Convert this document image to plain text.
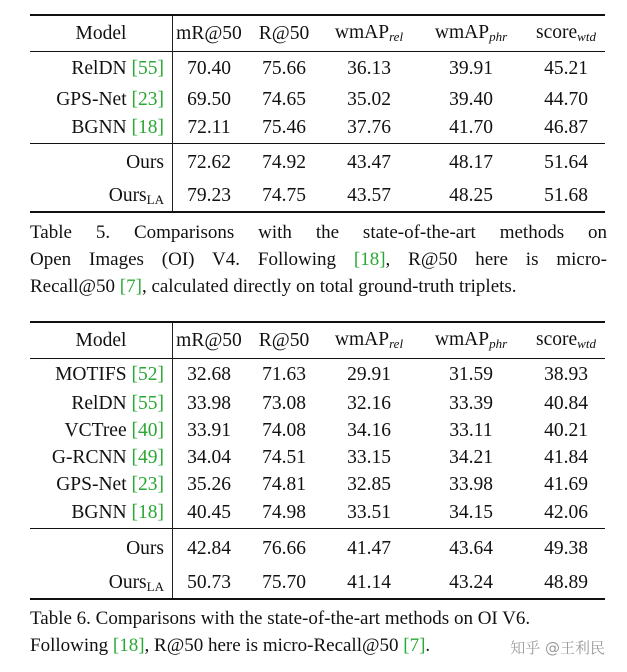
Model	mR@50	R@50	wmAP$_{rel}$	wmAP$_{phr}$	score$_{wtd}$
RelDN [55]	70.40	75.66	36.13	39.91	45.21
GPS-Net [23]	69.50	74.65	35.02	39.40	44.70
BGNN [18]	72.11	75.46	37.76	41.70	46.87
Ours	72.62	74.92	43.47	48.17	51.64
Ours$_{LA}$	79.23	74.75	43.57	48.25	51.68
Table 5. Comparisons with the state-of-the-art methods on
Open Images (OI) V4. Following [18], R@50 here is micro-
Recall@50 [7], calculated directly on total ground-truth triplets.
Model	mR@50	R@50	wmAP$_{rel}$	wmAP$_{phr}$	score$_{wtd}$
MOTIFS [52]	32.68	71.63	29.91	31.59	38.93
RelDN [55]	33.98	73.08	32.16	33.39	40.84
VCTree [40]	33.91	74.08	34.16	33.11	40.21
G-RCNN [49]	34.04	74.51	33.15	34.21	41.84
GPS-Net [23]	35.26	74.81	32.85	33.98	41.69
BGNN [18]	40.45	74.98	33.51	34.15	42.06
Ours	42.84	76.66	41.47	43.64	49.38
Ours$_{LA}$	50.73	75.70	41.14	43.24	48.89
Table 6. Comparisons with the state-of-the-art methods on OI V6.
Following [18], R@50 here is micro-Recall@50 [7].	知乎 @王利民
